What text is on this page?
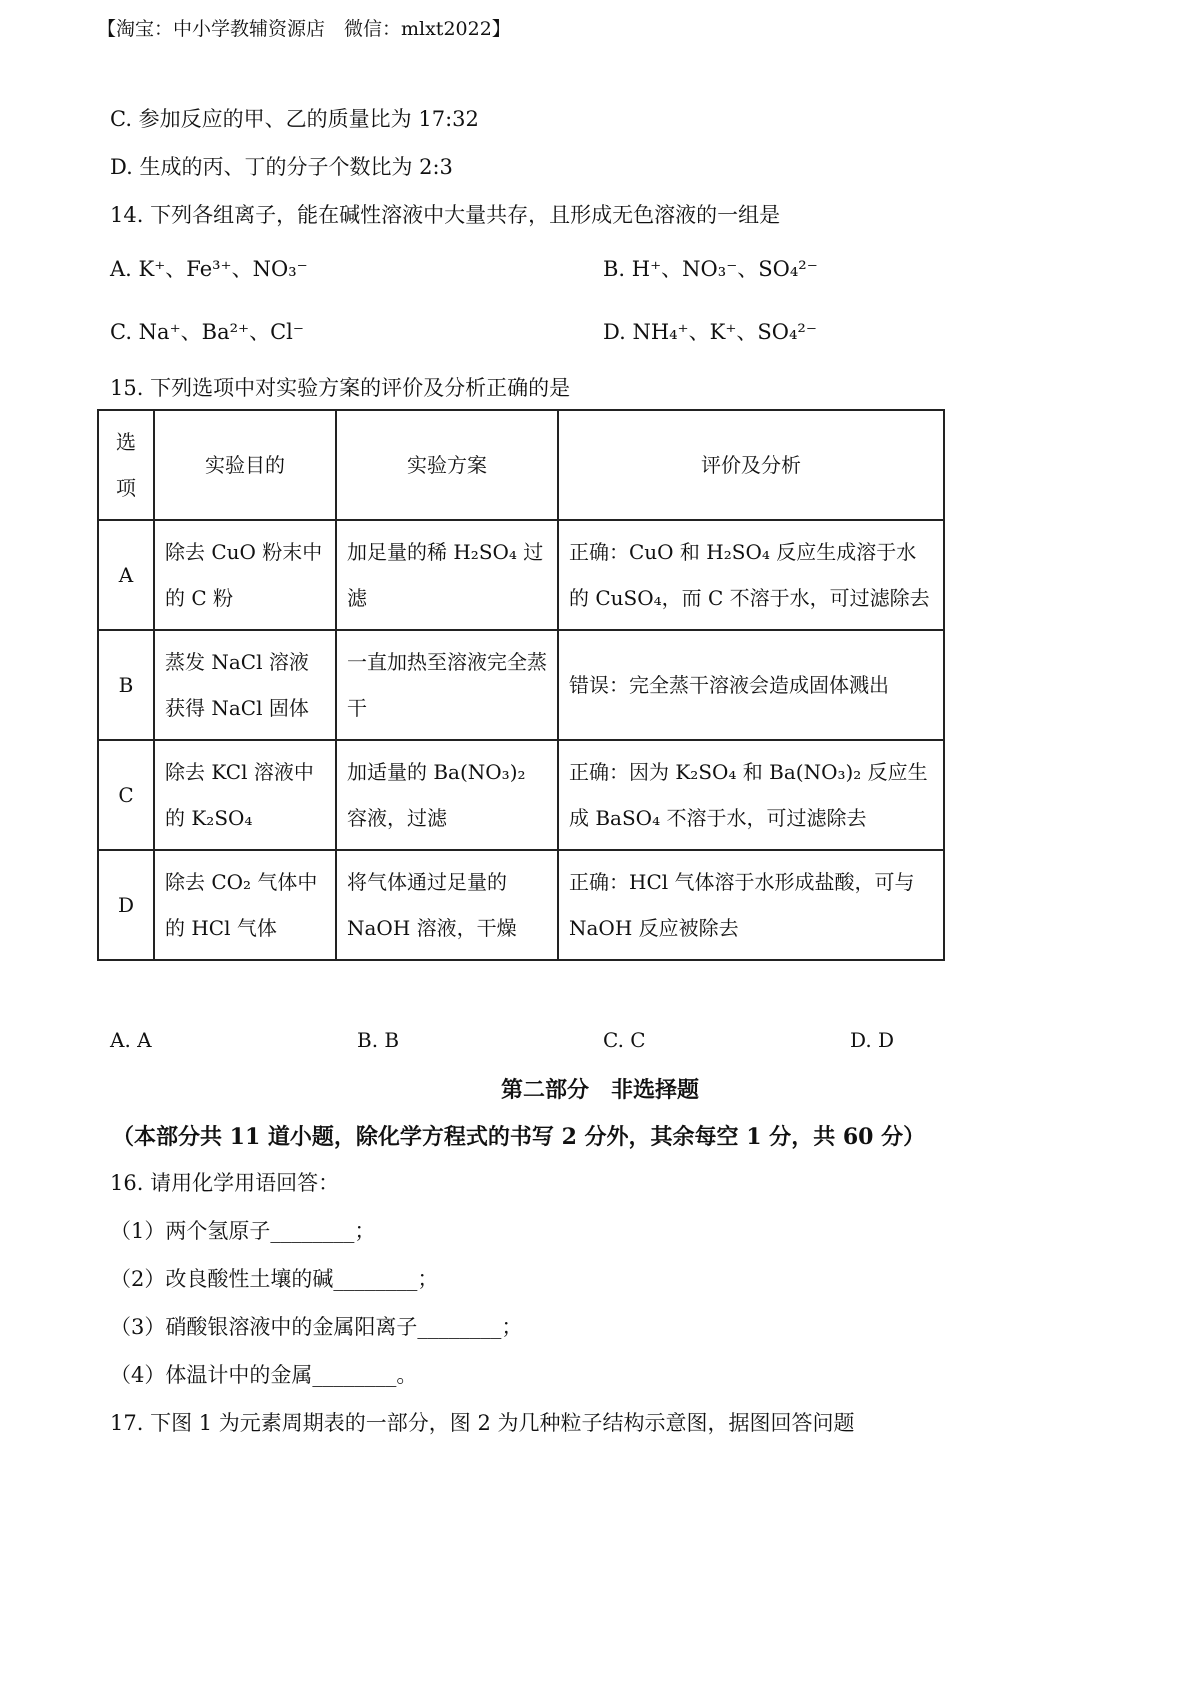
【淘宝：中小学教辅资源店　微信：mlxt2022】
C. 参加反应的甲、乙的质量比为 17:32
D. 生成的丙、丁的分子个数比为 2:3
14. 下列各组离子，能在碱性溶液中大量共存，且形成无色溶液的一组是
A. K⁺、Fe³⁺、NO₃⁻	B. H⁺、NO₃⁻、SO₄²⁻
C. Na⁺、Ba²⁺、Cl⁻	D. NH₄⁺、K⁺、SO₄²⁻
15. 下列选项中对实验方案的评价及分析正确的是
选项	实验目的	实验方案	评价及分析
A	除去 CuO 粉末中的 C 粉	加足量的稀 H₂SO₄ 过滤	正确：CuO 和 H₂SO₄ 反应生成溶于水的 CuSO₄，而 C 不溶于水，可过滤除去
B	蒸发 NaCl 溶液获得 NaCl 固体	一直加热至溶液完全蒸干	错误：完全蒸干溶液会造成固体溅出
C	除去 KCl 溶液中的 K₂SO₄	加适量的 Ba(NO₃)₂ 容液，过滤	正确：因为 K₂SO₄ 和 Ba(NO₃)₂ 反应生成 BaSO₄ 不溶于水，可过滤除去
D	除去 CO₂ 气体中的 HCl 气体	将气体通过足量的 NaOH 溶液，干燥	正确：HCl 气体溶于水形成盐酸，可与 NaOH 反应被除去
A. A	B. B	C. C	D. D
第二部分　非选择题
（本部分共 11 道小题，除化学方程式的书写 2 分外，其余每空 1 分，共 60 分）
16. 请用化学用语回答：
（1）两个氢原子________；
（2）改良酸性土壤的碱________；
（3）硝酸银溶液中的金属阳离子________；
（4）体温计中的金属________。
17. 下图 1 为元素周期表的一部分，图 2 为几种粒子结构示意图，据图回答问题
